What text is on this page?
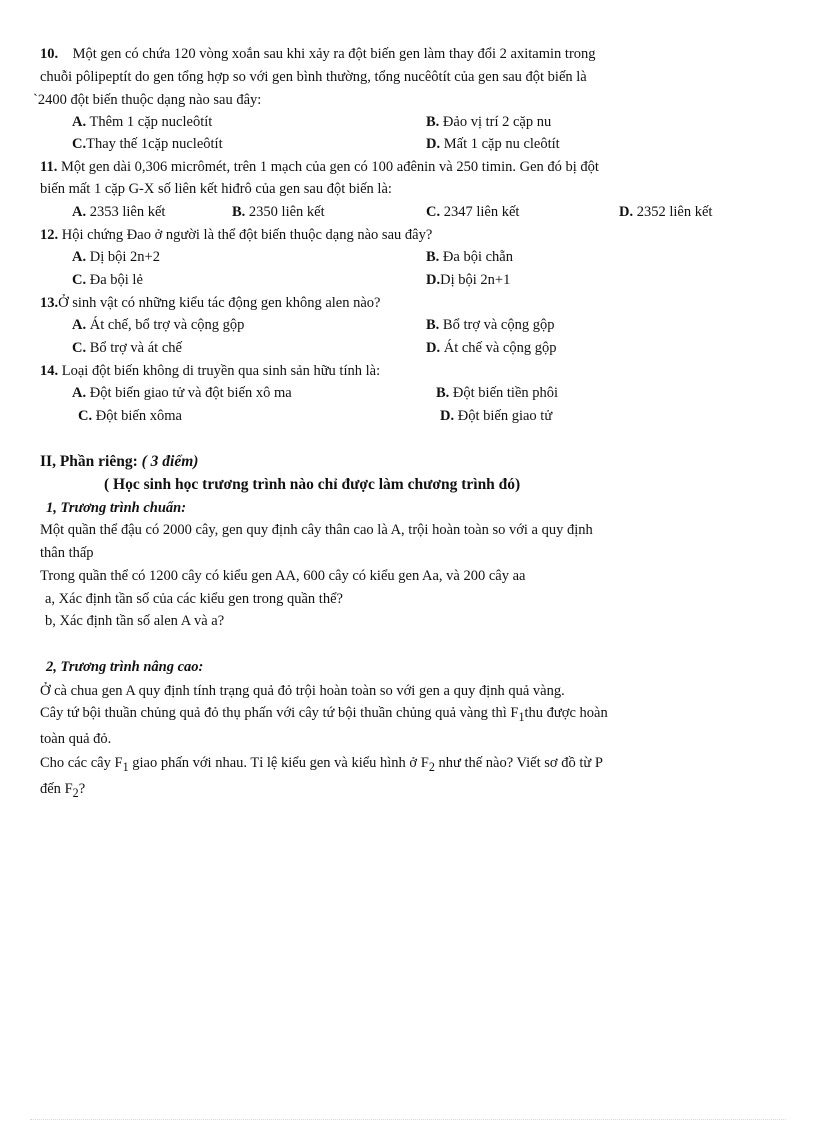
10. Một gen có chứa 120 vòng xoắn sau khi xảy ra đột biến gen làm thay đổi 2 axitamin trong
chuỗi pôlipeptít do gen tổng hợp so với gen bình thường, tổng nucêôtít của gen sau đột biến là
`2400 đột biến thuộc dạng nào sau đây:
A. Thêm 1 cặp nucleôtít	B. Đảo vị trí 2 cặp nu
C.Thay thế 1cặp nucleôtít	D. Mất 1 cặp nu cleôtít
11. Một gen dài 0,306 micrômét, trên 1 mạch của gen có 100 ađênin và 250 timin. Gen đó bị đột
biến mất 1 cặp G-X số liên kết hiđrô của gen sau đột biến là:
A. 2353 liên kết	B. 2350 liên kết	C. 2347 liên kết	D. 2352 liên kết
12. Hội chứng Đao ở người là thể đột biến thuộc dạng nào sau đây?
A. Dị bội 2n+2	B. Đa bội chẵn
C. Đa bội lẻ	D.Dị bội 2n+1
13.Ở sinh vật có những kiểu tác động gen không alen nào?
A. Át chế, bổ trợ và cộng gộp	B. Bổ trợ và cộng gộp
C. Bổ trợ và át chế	D. Át chế và cộng gộp
14. Loại đột biến không di truyền qua sinh sản hữu tính là:
A. Đột biến giao tử và đột biến xô ma	B. Đột biến tiền phôi
C. Đột biến xôma	D. Đột biến giao tử
II, Phần riêng: ( 3 điểm)
( Học sinh học trương trình nào chỉ được làm chương trình đó)
1, Trương trình chuẩn:
Một quần thể đậu có 2000 cây, gen quy định cây thân cao là A, trội hoàn toàn so với a quy định
thân thấp
Trong quần thể có 1200 cây có kiểu gen AA, 600 cây có kiểu gen Aa, và 200 cây aa
a, Xác định tần số của các kiểu gen trong quần thể?
b, Xác định tần số alen A và a?
2, Trương trình nâng cao:
Ở cà chua gen A quy định tính trạng quả đỏ trội hoàn toàn so với gen a quy định quả vàng.
Cây tứ bội thuần chủng quả đỏ thụ phấn với cây tứ bội thuần chủng quả vàng thì $F_1thu$ được hoàn
toàn quả đỏ.
Cho các cây $F_1$ giao phấn với nhau. Tỉ lệ kiểu gen và kiểu hình ở $F_2$ như thế nào? Viết sơ đồ từ P
đến $F_2$?
